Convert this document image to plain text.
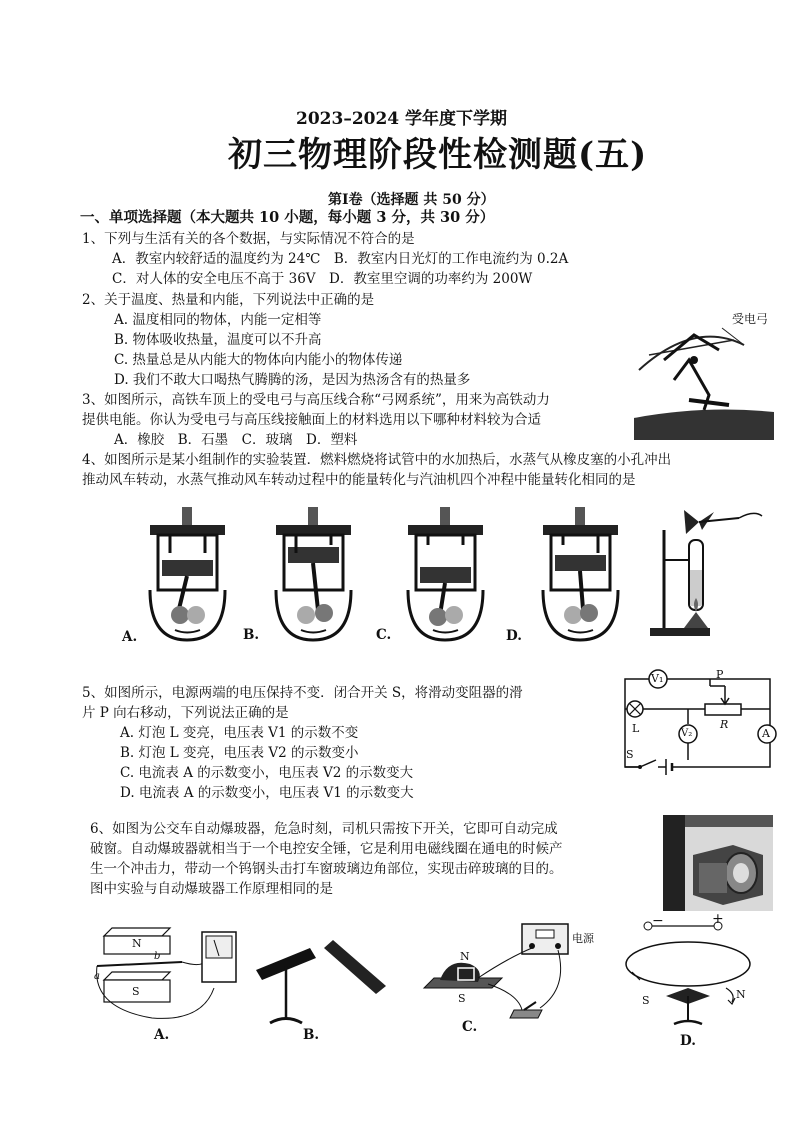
2023–2024 学年度下学期
初三物理阶段性检测题(五)
第Ⅰ卷（选择题 共 50 分）
一、单项选择题（本大题共 10 小题，每小题 3 分，共 30 分）
1、下列与生活有关的各个数据，与实际情况不符合的是
A．教室内较舒适的温度约为 24℃　B．教室内日光灯的工作电流约为 0.2A
C．对人体的安全电压不高于 36V　D．教室里空调的功率约为 200W
2、关于温度、热量和内能，下列说法中正确的是
A. 温度相同的物体，内能一定相等
B. 物体吸收热量，温度可以不升高
C. 热量总是从内能大的物体向内能小的物体传递
D. 我们不敢大口喝热气腾腾的汤，是因为热汤含有的热量多
3、如图所示，高铁车顶上的受电弓与高压线合称“弓网系统”，用来为高铁动力
提供电能。你认为受电弓与高压线接触面上的材料选用以下哪种材料较为合适
A．橡胶　B．石墨　C．玻璃　D．塑料
受电弓
4、如图所示是某小组制作的实验装置．燃料燃烧将试管中的水加热后，水蒸气从橡皮塞的小孔冲出
推动风车转动，水蒸气推动风车转动过程中的能量转化与汽油机四个冲程中能量转化相同的是
A.	B.	C.	D.
5、如图所示，电源两端的电压保持不变．闭合开关 S，将滑动变阻器的滑
片 P 向右移动，下列说法正确的是
A. 灯泡 L 变亮，电压表 V1 的示数不变
B. 灯泡 L 变亮，电压表 V2 的示数变小
C. 电流表 A 的示数变小，电压表 V2 的示数变大
D. 电流表 A 的示数变小，电压表 V1 的示数变大
V₁	P
R
L	V₂	A
S
6、如图为公交车自动爆玻器，危急时刻，司机只需按下开关，它即可自动完成
破窗。自动爆玻器就相当于一个电控安全锤，它是利用电磁线圈在通电的时候产
生一个冲击力，带动一个钨钢头击打车窗玻璃边角部位，实现击碎玻璃的目的。
图中实验与自动爆玻器工作原理相同的是
N
S
a
b
A.	B.
N
S
电源
C.
−	+
S	N
D.
